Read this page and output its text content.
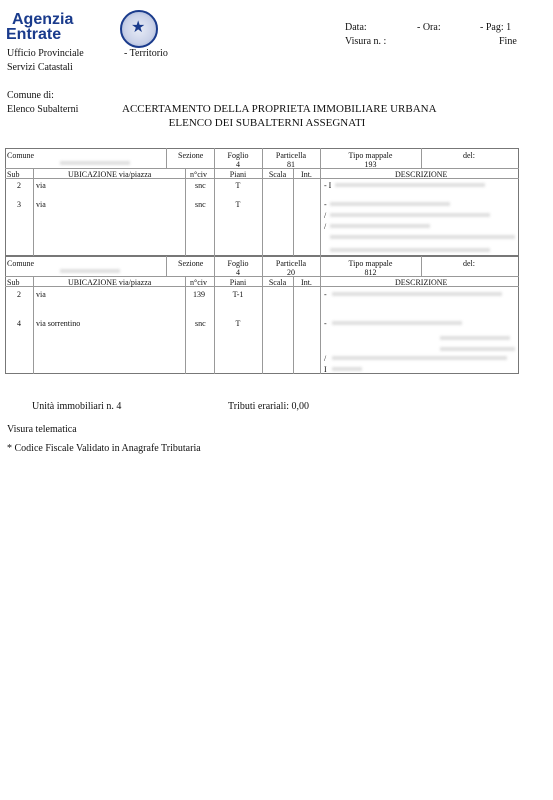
Agenzia
Entrate
★	Data:	- Ora:	- Pag: 1
Visura n. :	Fine
Ufficio Provinciale	- Territorio
Servizi Catastali
Comune di:
Elenco Subalterni	ACCERTAMENTO DELLA PROPRIETA IMMOBILIARE URBANA
ELENCO DEI SUBALTERNI ASSEGNATI
Comune	Sezione	Foglio
4
Particella
81
Tipo mappale
193
del:
Sub	UBICAZIONE via/piazza	n°civ	Piani	Scala	Int.	DESCRIZIONE
2 via	snc	T
3 via	snc	T
- I
-
/
/
Comune	Sezione	Foglio
4
Particella
20
Tipo mappale
812
del:
Sub	UBICAZIONE via/piazza	n°civ	Piani	Scala	Int.	DESCRIZIONE
2 via	139	T-1
4 via sorrentino	snc	T
-
-
/
I
Unità immobiliari n. 4	Tributi erariali: 0,00
Visura telematica
* Codice Fiscale Validato in Anagrafe Tributaria
